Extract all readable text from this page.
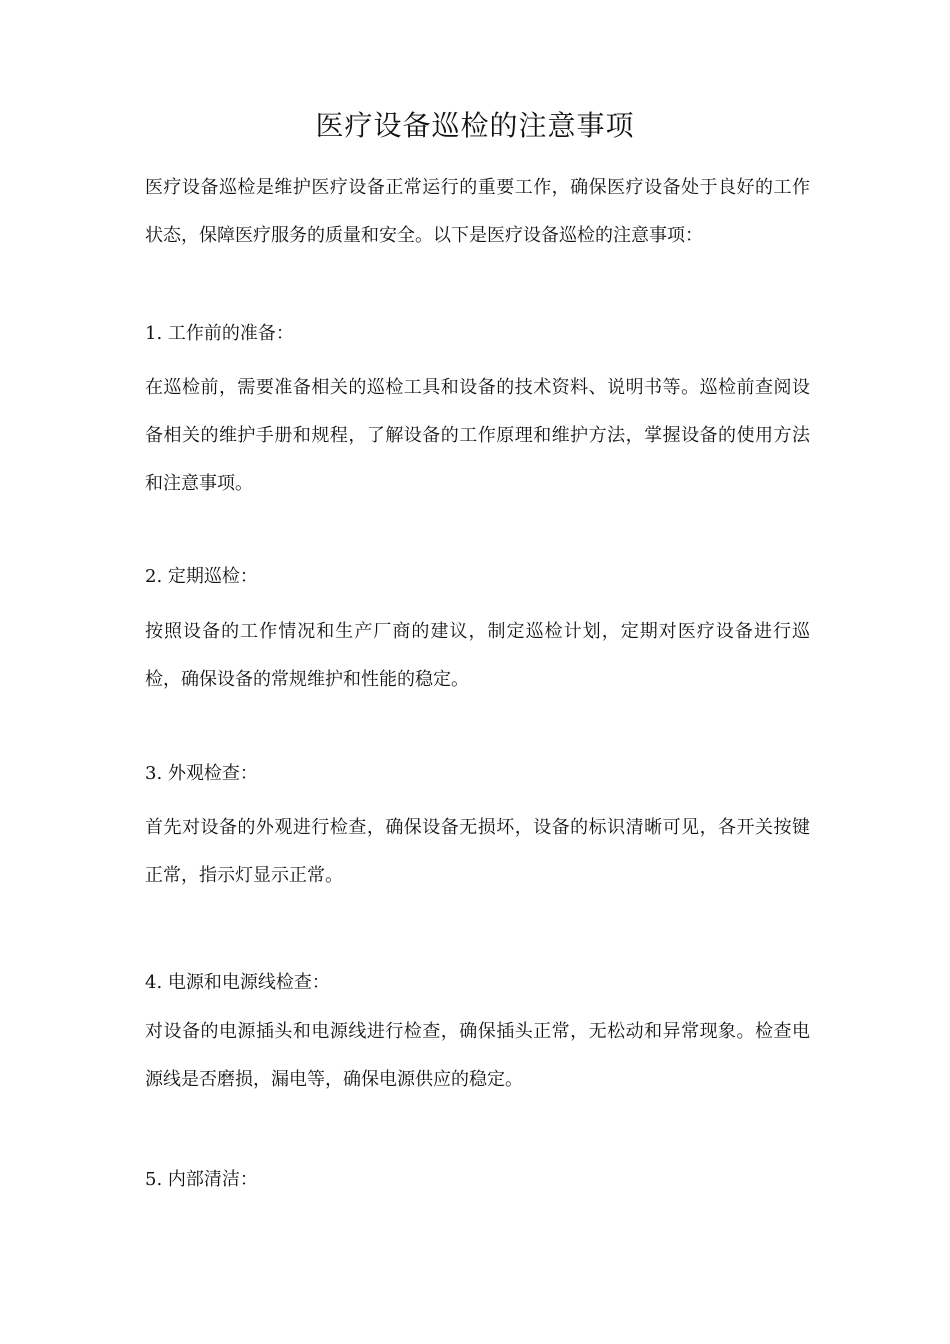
医疗设备巡检的注意事项

医疗设备巡检是维护医疗设备正常运行的重要工作，确保医疗设备处于良好的工作状态，保障医疗服务的质量和安全。以下是医疗设备巡检的注意事项：

1. 工作前的准备：

在巡检前，需要准备相关的巡检工具和设备的技术资料、说明书等。巡检前查阅设备相关的维护手册和规程，了解设备的工作原理和维护方法，掌握设备的使用方法和注意事项。

2. 定期巡检：

按照设备的工作情况和生产厂商的建议，制定巡检计划，定期对医疗设备进行巡检，确保设备的常规维护和性能的稳定。

3. 外观检查：

首先对设备的外观进行检查，确保设备无损坏，设备的标识清晰可见，各开关按键正常，指示灯显示正常。

4. 电源和电源线检查：

对设备的电源插头和电源线进行检查，确保插头正常，无松动和异常现象。检查电源线是否磨损，漏电等，确保电源供应的稳定。

5. 内部清洁：
